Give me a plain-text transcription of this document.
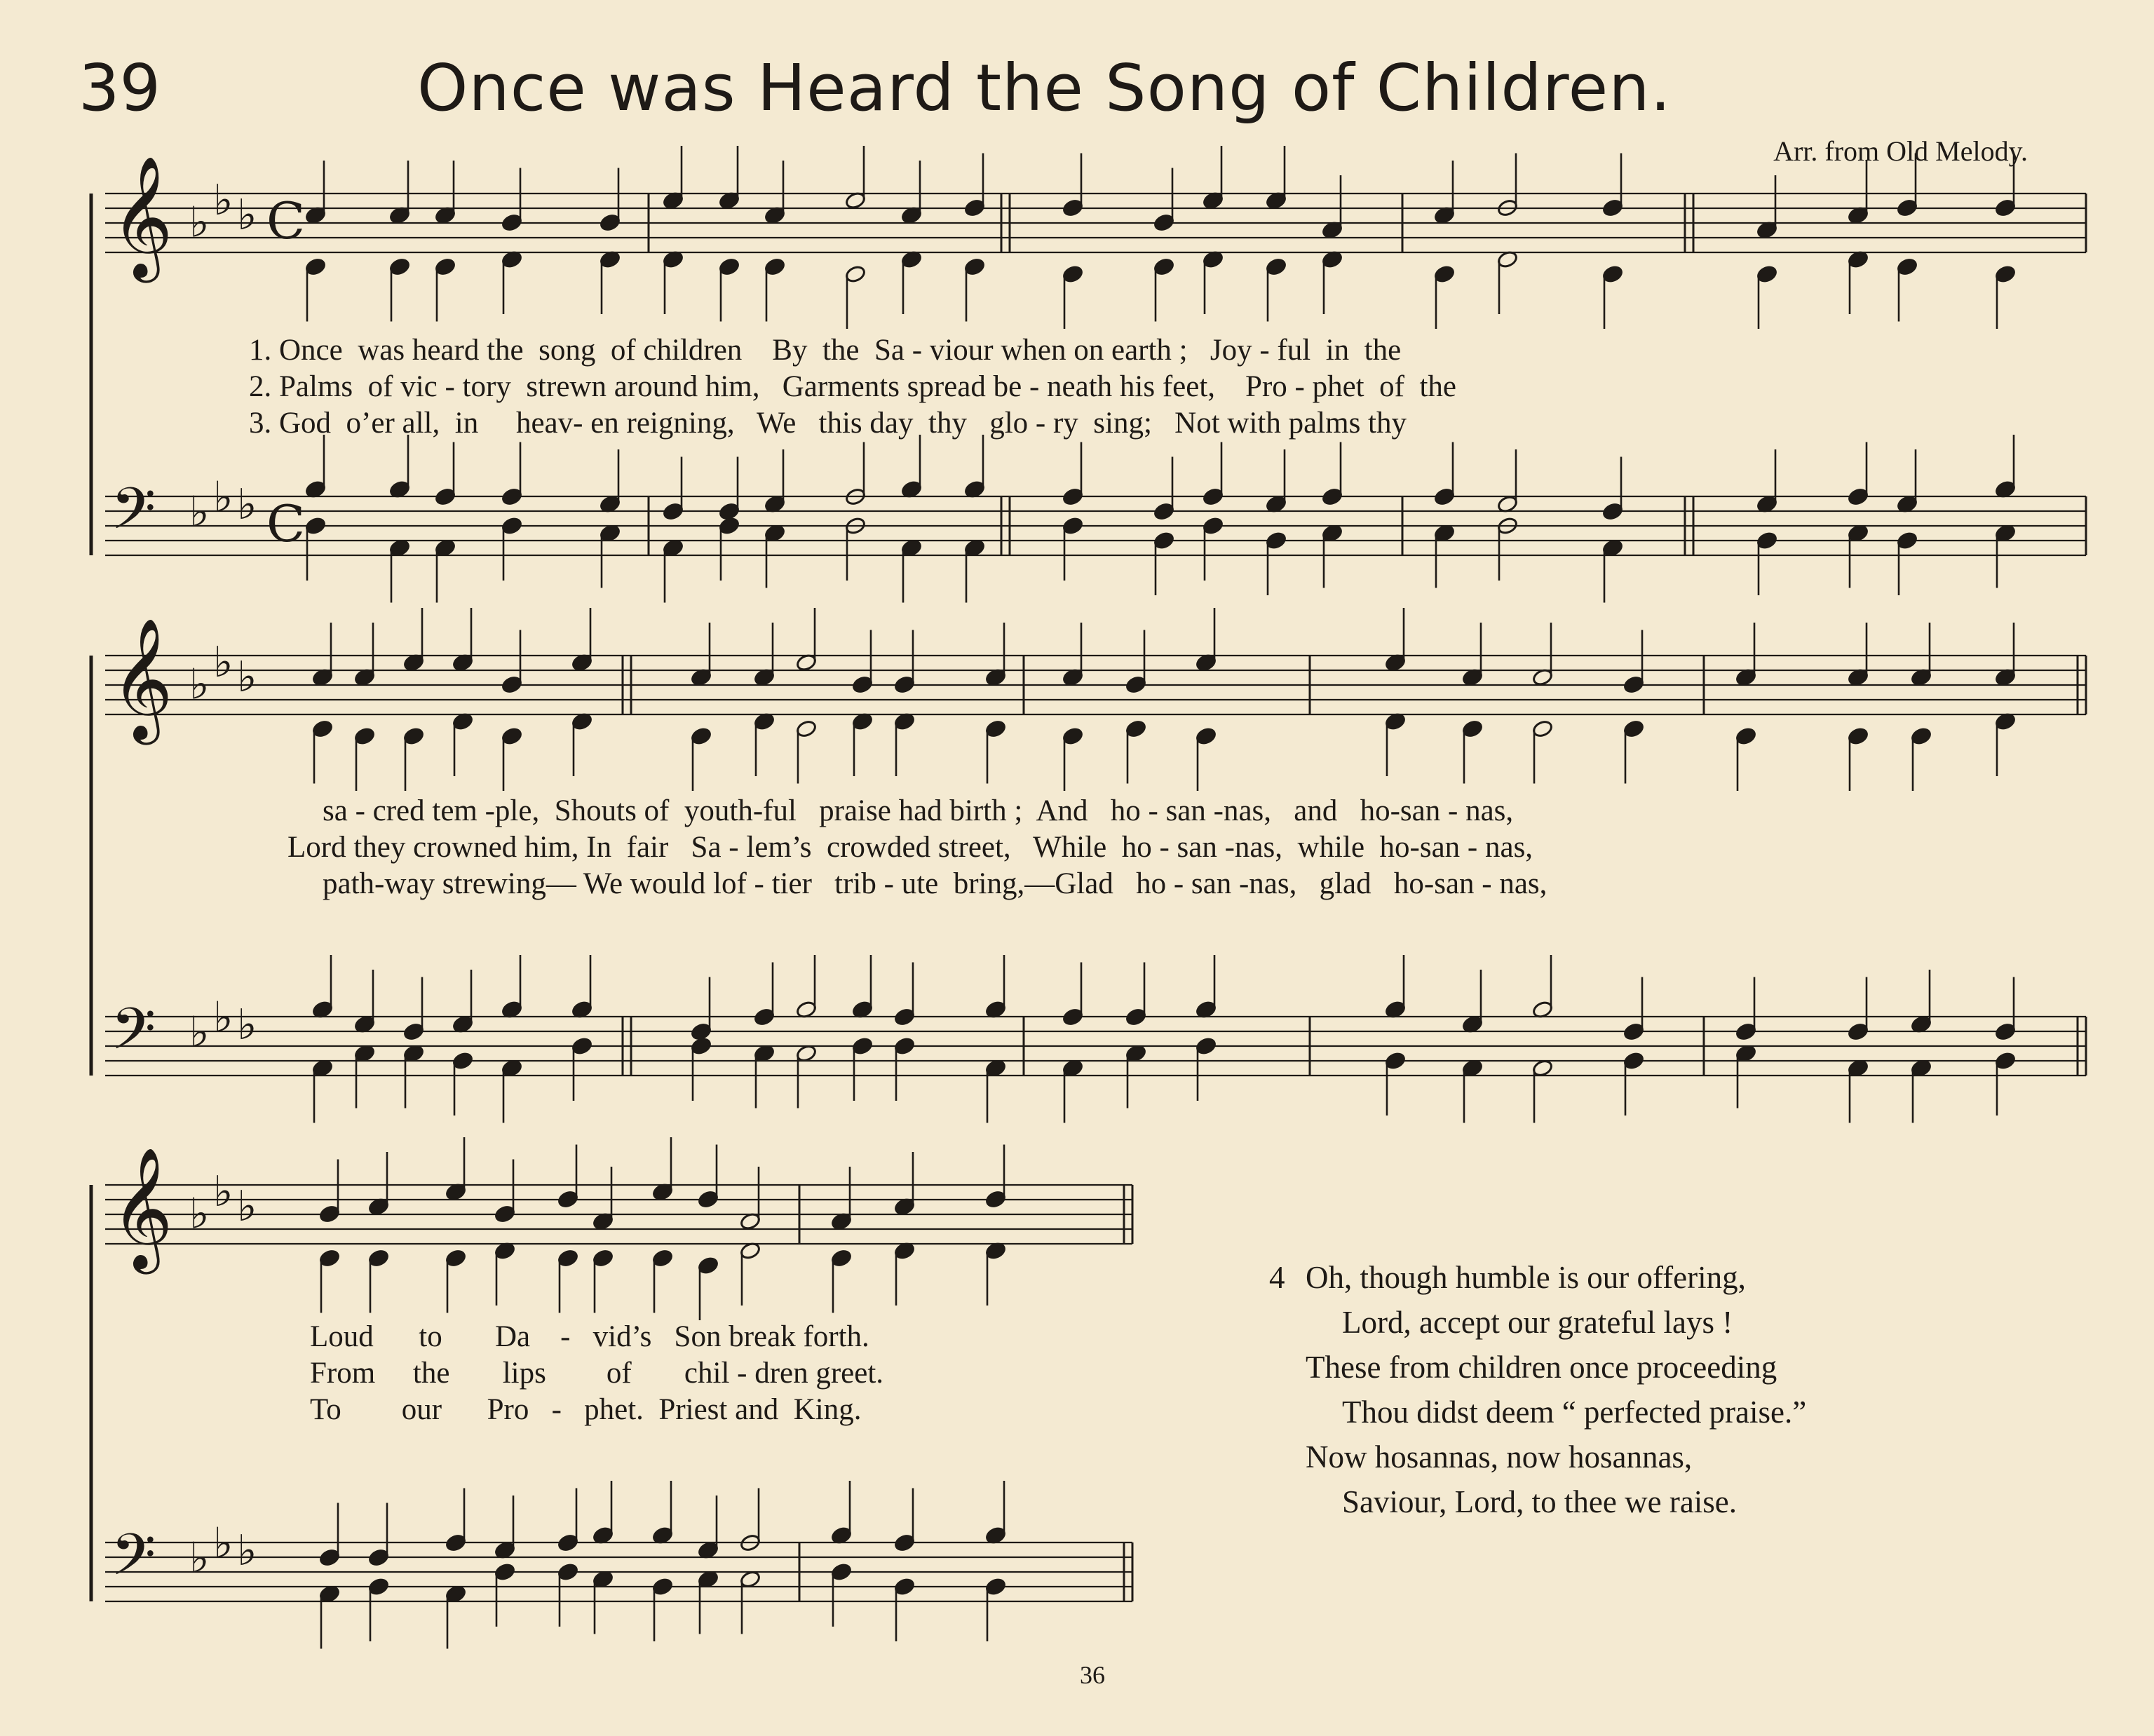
39	Once was Heard the Song of Children.
Arr. from Old Melody.
𝄞 ♭ ♭ ♭ C
𝄢 ♭ ♭ ♭ C
𝄞 ♭ ♭ ♭
𝄢 ♭ ♭ ♭
𝄞 ♭ ♭ ♭
𝄢 ♭ ♭ ♭
1. Once  was heard the  song  of children    By  the  Sa - viour when on earth ;   Joy - ful  in  the
2. Palms  of vic - tory  strewn around him,   Garments spread be - neath his feet,    Pro - phet  of  the
3. God  o’er all,  in     heav- en reigning,   We   this day  thy   glo - ry  sing;   Not with palms thy
sa - cred tem -ple,  Shouts of  youth-ful   praise had birth ;  And   ho - san -nas,   and   ho-san - nas,
Lord they crowned him, In  fair   Sa - lem’s  crowded street,   While  ho - san -nas,  while  ho-san - nas,
path-way strewing— We would lof - tier   trib - ute  bring,—Glad   ho - san -nas,   glad   ho-san - nas,
Loud      to       Da    -   vid’s   Son break forth.
From     the       lips        of       chil - dren greet.
To        our      Pro   -   phet.  Priest and  King.
4 Oh, though humble is our offering,
Lord, accept our grateful lays !
These from children once proceeding
Thou didst deem “ perfected praise.”
Now hosannas, now hosannas,
Saviour, Lord, to thee we raise.
36
